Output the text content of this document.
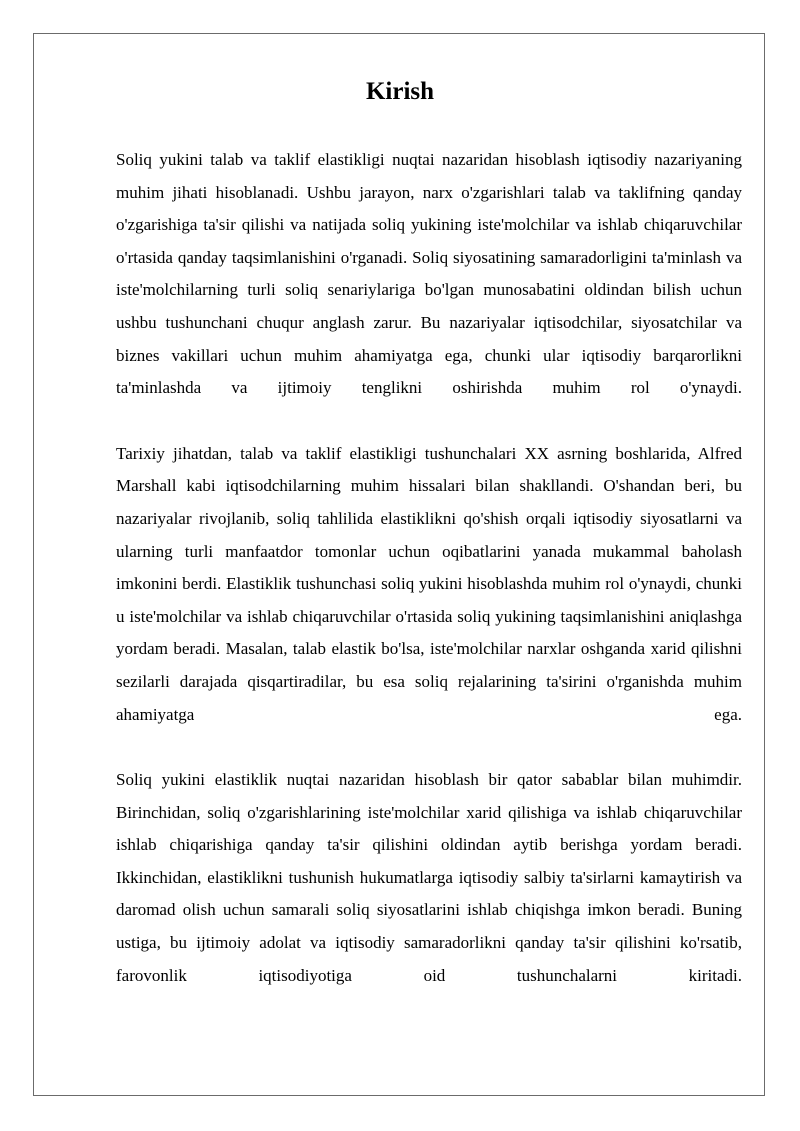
Kirish

Soliq yukini talab va taklif elastikligi nuqtai nazaridan hisoblash iqtisodiy nazariyaning muhim jihati hisoblanadi. Ushbu jarayon, narx o'zgarishlari talab va taklifning qanday o'zgarishiga ta'sir qilishi va natijada soliq yukining iste'molchilar va ishlab chiqaruvchilar o'rtasida qanday taqsimlanishini o'rganadi. Soliq siyosatining samaradorligini ta'minlash va iste'molchilarning turli soliq senariylariga bo'lgan munosabatini oldindan bilish uchun ushbu tushunchani chuqur anglash zarur. Bu nazariyalar iqtisodchilar, siyosatchilar va biznes vakillari uchun muhim ahamiyatga ega, chunki ular iqtisodiy barqarorlikni ta'minlashda va ijtimoiy tenglikni oshirishda muhim rol o'ynaydi.

Tarixiy jihatdan, talab va taklif elastikligi tushunchalari XX asrning boshlarida, Alfred Marshall kabi iqtisodchilarning muhim hissalari bilan shakllandi. O'shandan beri, bu nazariyalar rivojlanib, soliq tahlilida elastiklikni qo'shish orqali iqtisodiy siyosatlarni va ularning turli manfaatdor tomonlar uchun oqibatlarini yanada mukammal baholash imkonini berdi. Elastiklik tushunchasi soliq yukini hisoblashda muhim rol o'ynaydi, chunki u iste'molchilar va ishlab chiqaruvchilar o'rtasida soliq yukining taqsimlanishini aniqlashga yordam beradi. Masalan, talab elastik bo'lsa, iste'molchilar narxlar oshganda xarid qilishni sezilarli darajada qisqartiradilar, bu esa soliq rejalarining ta'sirini o'rganishda muhim ahamiyatga ega.

Soliq yukini elastiklik nuqtai nazaridan hisoblash bir qator sabablar bilan muhimdir. Birinchidan, soliq o'zgarishlarining iste'molchilar xarid qilishiga va ishlab chiqaruvchilar ishlab chiqarishiga qanday ta'sir qilishini oldindan aytib berishga yordam beradi. Ikkinchidan, elastiklikni tushunish hukumatlarga iqtisodiy salbiy ta'sirlarni kamaytirish va daromad olish uchun samarali soliq siyosatlarini ishlab chiqishga imkon beradi. Buning ustiga, bu ijtimoiy adolat va iqtisodiy samaradorlikni qanday ta'sir qilishini ko'rsatib, farovonlik iqtisodiyotiga oid tushunchalarni kiritadi.
